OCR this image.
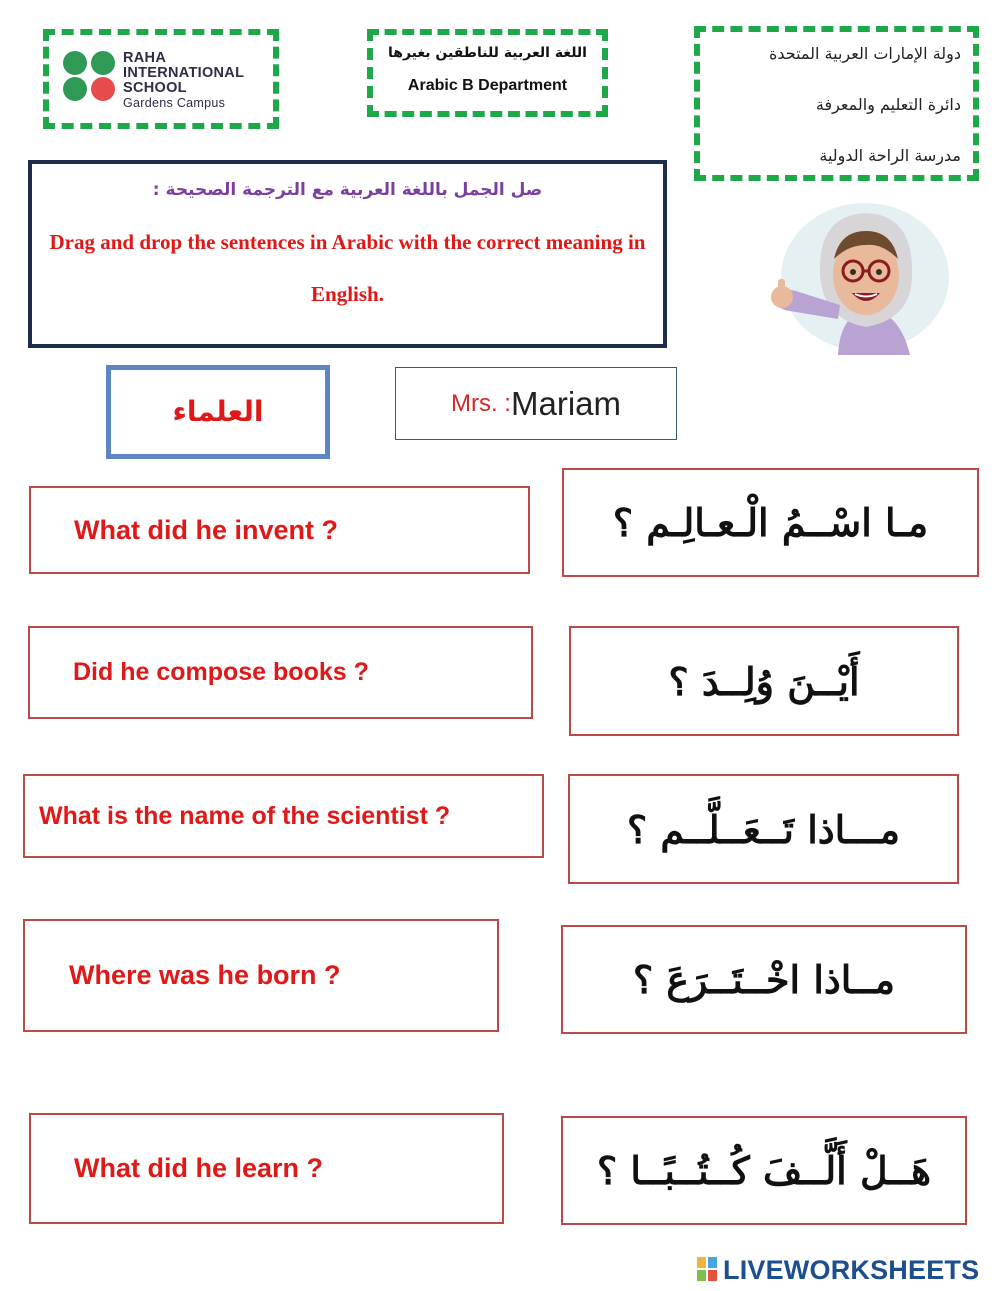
RAHA
INTERNATIONAL
SCHOOL
Gardens Campus
اللغة العربية للناطقين بغيرها
Arabic B Department
دولة الإمارات العربية المتحدة
دائرة التعليم والمعرفة
مدرسة الراحة الدولية
صل الجمل باللغة العربية مع الترجمة الصحيحة :
Drag and drop the sentences in Arabic with the correct meaning in English.
العلماء	Mrs. : Mariam
What did he invent ?
Did he compose books ?
What is the name of the scientist ?
Where was he born ?
What did he learn ?
مـا اسْــمُ الْـعـالِـم ؟
أَيْــنَ وُلِــدَ ؟
مـــاذا تَــعَــلَّــم ؟
مــاذا اخْــتَــرَعَ ؟
هَــلْ أَلَّــفَ كُــتُــبًــا ؟
LIVEWORKSHEETS
